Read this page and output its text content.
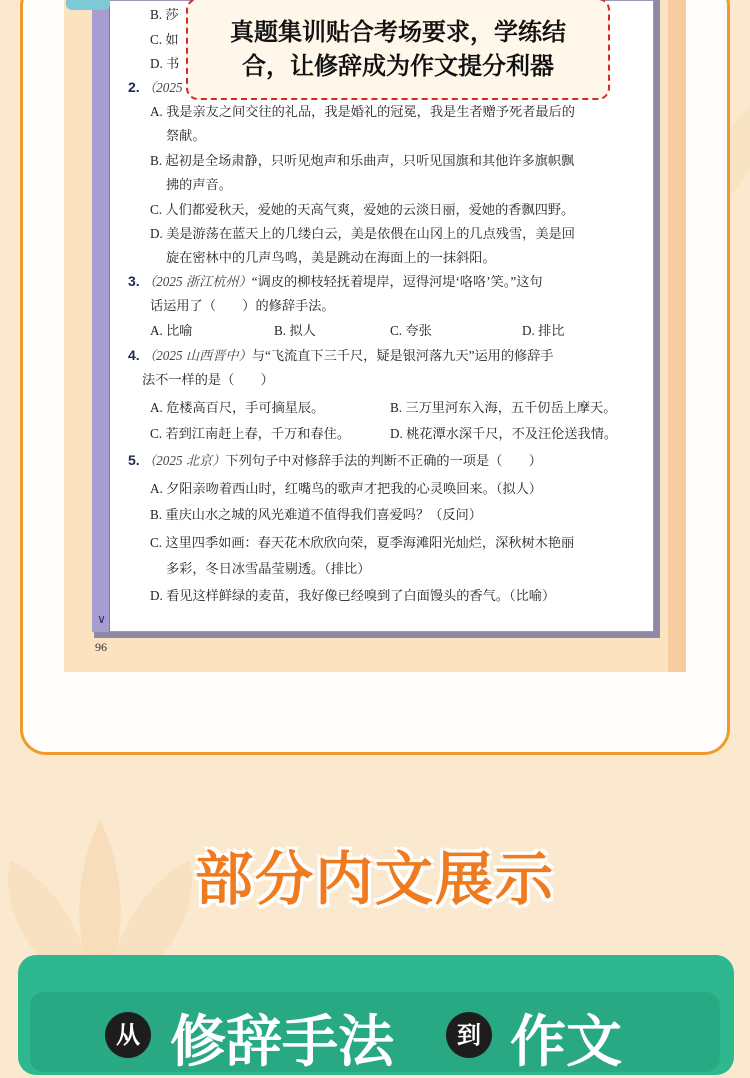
∨
B. 莎
C. 如
D. 书
2. （2025
A. 我是亲友之间交往的礼品，我是婚礼的冠冕，我是生者赠予死者最后的
祭献。
B. 起初是全场肃静，只听见炮声和乐曲声，只听见国旗和其他许多旗帜飘
拂的声音。
C. 人们都爱秋天，爱她的天高气爽，爱她的云淡日丽，爱她的香飘四野。
D. 美是游荡在蓝天上的几缕白云，美是依偎在山冈上的几点残雪，美是回
旋在密林中的几声鸟鸣，美是跳动在海面上的一抹斜阳。
3. （2025 浙江杭州）“调皮的柳枝轻抚着堤岸，逗得河堤‘咯咯’笑。”这句
话运用了（　　）的修辞手法。
A. 比喻	B. 拟人	C. 夸张	D. 排比
4. （2025 山西晋中）与“飞流直下三千尺，疑是银河落九天”运用的修辞手
法不一样的是（　　）
A. 危楼高百尺，手可摘星辰。	B. 三万里河东入海，五千仞岳上摩天。
C. 若到江南赶上春，千万和春住。	D. 桃花潭水深千尺，不及汪伦送我情。
5. （2025 北京）下列句子中对修辞手法的判断不正确的一项是（　　）
A. 夕阳亲吻着西山时，红嘴鸟的歌声才把我的心灵唤回来。（拟人）
B. 重庆山水之城的风光难道不值得我们喜爱吗？（反问）
C. 这里四季如画：春天花木欣欣向荣，夏季海滩阳光灿烂，深秋树木艳丽
多彩，冬日冰雪晶莹剔透。（排比）
D. 看见这样鲜绿的麦苗，我好像已经嗅到了白面馒头的香气。（比喻）
96
真题集训贴合考场要求，学练结
合，让修辞成为作文提分利器
部分内文展示
从 修辞手法	到 作文
